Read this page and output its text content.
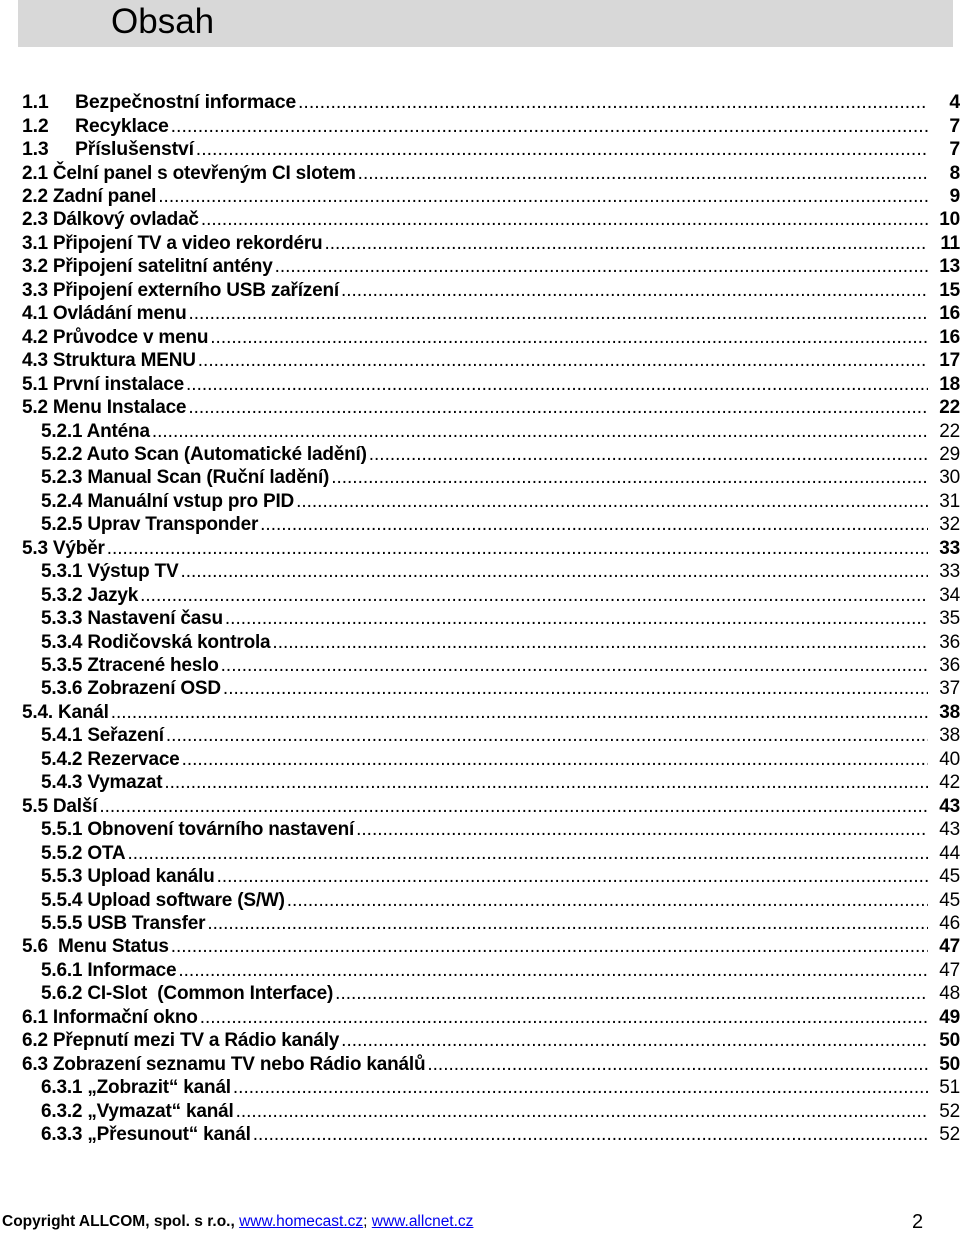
Obsah
1.1	Bezpečnostní informace .....	4
1.2	Recyklace .....	7
1.3	Příslušenství .....	7
2.1 Čelní panel s otevřeným CI slotem .....	8
2.2 Zadní panel .....	9
2.3 Dálkový ovladač .....	10
3.1 Připojení TV a video rekordéru .....	11
3.2 Připojení satelitní antény .....	13
3.3 Připojení externího USB zařízení .....	15
4.1 Ovládání menu .....	16
4.2 Průvodce v menu .....	16
4.3 Struktura MENU .....	17
5.1 První instalace .....	18
5.2 Menu Instalace .....	22
5.2.1 Anténa .....	22
5.2.2 Auto Scan (Automatické ladění) .....	29
5.2.3 Manual Scan (Ruční ladění) .....	30
5.2.4 Manuální vstup pro PID .....	31
5.2.5 Uprav Transponder .....	32
5.3 Výběr .....	33
5.3.1 Výstup TV .....	33
5.3.2 Jazyk .....	34
5.3.3 Nastavení času .....	35
5.3.4 Rodičovská kontrola .....	36
5.3.5 Ztracené heslo .....	36
5.3.6 Zobrazení OSD .....	37
5.4. Kanál .....	38
5.4.1 Seřazení .....	38
5.4.2 Rezervace .....	40
5.4.3 Vymazat .....	42
5.5 Další .....	43
5.5.1 Obnovení továrního nastavení .....	43
5.5.2 OTA .....	44
5.5.3 Upload kanálu .....	45
5.5.4 Upload software (S/W) .....	45
5.5.5 USB Transfer .....	46
5.6  Menu Status .....	47
5.6.1 Informace .....	47
5.6.2 CI-Slot  (Common Interface) .....	48
6.1 Informační okno .....	49
6.2 Přepnutí mezi TV a Rádio kanály .....	50
6.3 Zobrazení seznamu TV nebo Rádio kanálů .....	50
6.3.1 „Zobrazit“ kanál .....	51
6.3.2 „Vymazat“ kanál .....	52
6.3.3 „Přesunout“ kanál .....	52
Copyright ALLCOM, spol. s r.o., www.homecast.cz; www.allcnet.cz	2
